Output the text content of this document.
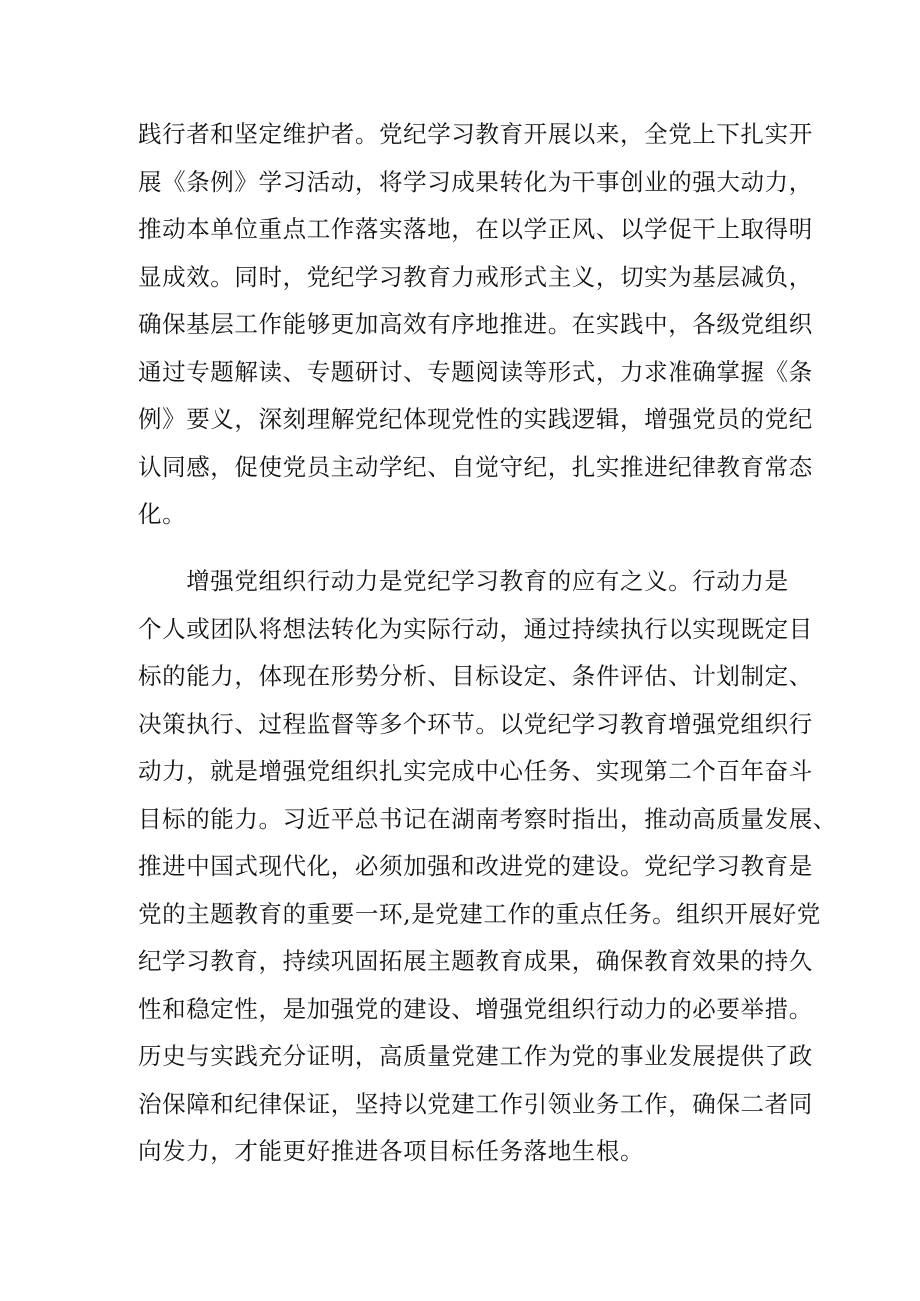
践行者和坚定维护者。党纪学习教育开展以来，全党上下扎实开
展《条例》学习活动，将学习成果转化为干事创业的强大动力，
推动本单位重点工作落实落地，在以学正风、以学促干上取得明
显成效。同时，党纪学习教育力戒形式主义，切实为基层减负，
确保基层工作能够更加高效有序地推进。在实践中，各级党组织
通过专题解读、专题研讨、专题阅读等形式，力求准确掌握《条
例》要义，深刻理解党纪体现党性的实践逻辑，增强党员的党纪
认同感，促使党员主动学纪、自觉守纪，扎实推进纪律教育常态
化。
　　增强党组织行动力是党纪学习教育的应有之义。行动力是
个人或团队将想法转化为实际行动，通过持续执行以实现既定目
标的能力，体现在形势分析、目标设定、条件评估、计划制定、
决策执行、过程监督等多个环节。以党纪学习教育增强党组织行
动力，就是增强党组织扎实完成中心任务、实现第二个百年奋斗
目标的能力。习近平总书记在湖南考察时指出，推动高质量发展、
推进中国式现代化，必须加强和改进党的建设。党纪学习教育是
党的主题教育的重要一环,是党建工作的重点任务。组织开展好党
纪学习教育，持续巩固拓展主题教育成果，确保教育效果的持久
性和稳定性，是加强党的建设、增强党组织行动力的必要举措。
历史与实践充分证明，高质量党建工作为党的事业发展提供了政
治保障和纪律保证，坚持以党建工作引领业务工作，确保二者同
向发力，才能更好推进各项目标任务落地生根。
